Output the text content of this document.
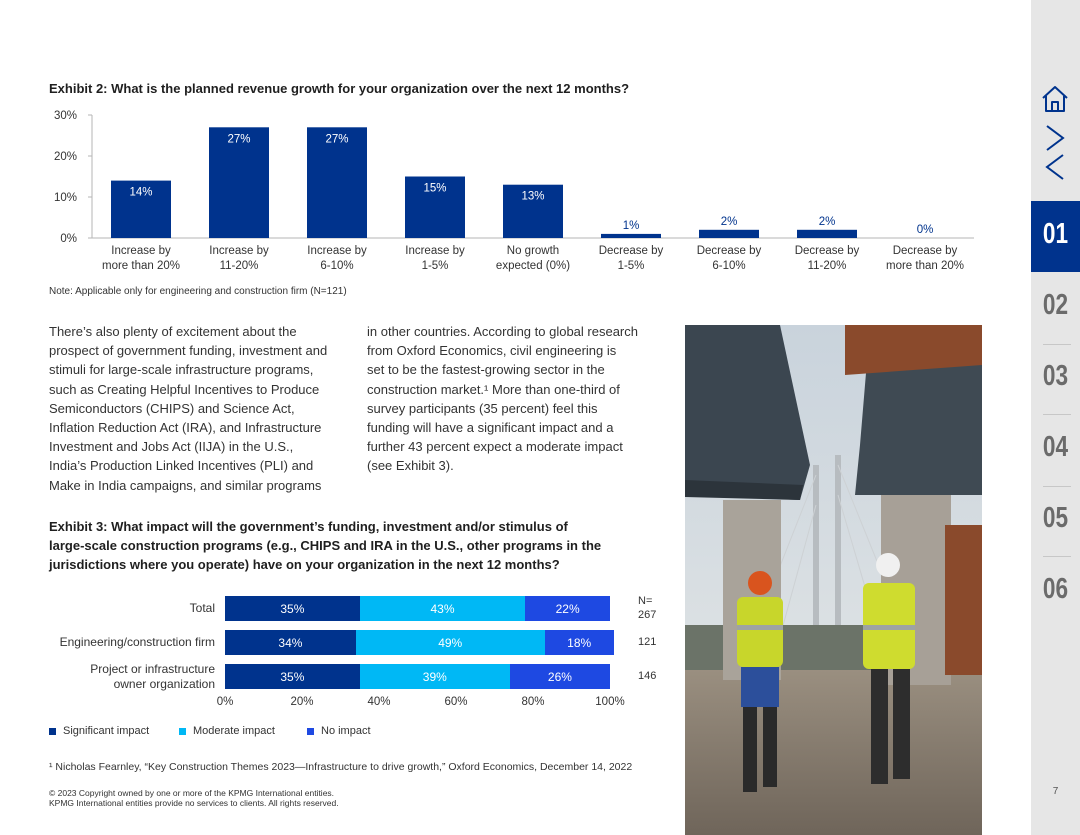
Exhibit 2: What is the planned revenue growth for your organization over the next 12 months?
0%
10%
20%
30%
14%
Increase by
more than 20%
27%
Increase by
11-20%
27%
Increase by
6-10%
15%
Increase by
1-5%
13%
No growth
expected (0%)
1%
Decrease by
1-5%
2%
Decrease by
6-10%
2%
Decrease by
11-20%
0%
Decrease by
more than 20%
Note: Applicable only for engineering and construction firm (N=121)
There’s also plenty of excitement about the
prospect of government funding, investment and
stimuli for large-scale infrastructure programs,
such as Creating Helpful Incentives to Produce
Semiconductors (CHIPS) and Science Act,
Inflation Reduction Act (IRA), and Infrastructure
Investment and Jobs Act (IIJA) in the U.S.,
India’s Production Linked Incentives (PLI) and
Make in India campaigns, and similar programs
in other countries. According to global research
from Oxford Economics, civil engineering is
set to be the fastest-growing sector in the
construction market.¹ More than one-third of
survey participants (35 percent) feel this
funding will have a significant impact and a
further 43 percent expect a moderate impact
(see Exhibit 3).
Exhibit 3: What impact will the government’s funding, investment and/or stimulus of
large-scale construction programs (e.g., CHIPS and IRA in the U.S., other programs in the
jurisdictions where you operate) have on your organization in the next 12 months?
N=
Total	35%	43%	22%	267
Engineering/construction firm	34%	49%	18%	121
Project or infrastructure
owner organization	35%	39%	26%	146
0%	20%	40%	60%	80%	100%
Significant impact	Moderate impact	No impact
¹ Nicholas Fearnley, “Key Construction Themes 2023—Infrastructure to drive growth,” Oxford Economics, December 14, 2022
© 2023 Copyright owned by one or more of the KPMG International entities.
KPMG International entities provide no services to clients. All rights reserved.
01
02
03
04
05
06
7
